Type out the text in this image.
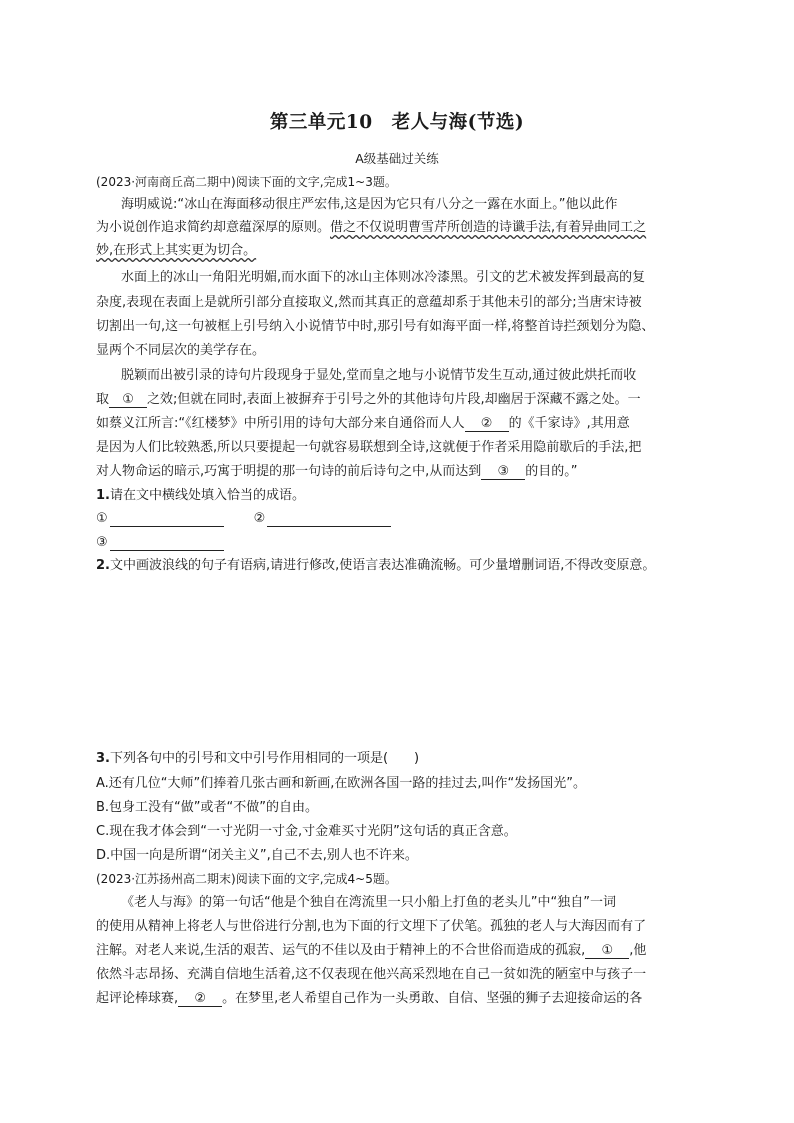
第三单元10　老人与海(节选)
A级基础过关练
(2023·河南商丘高二期中)阅读下面的文字,完成1~3题。
海明威说:“冰山在海面移动很庄严宏伟,这是因为它只有八分之一露在水面上。”他以此作
为小说创作追求简约却意蕴深厚的原则。借之不仅说明曹雪芹所创造的诗谶手法,有着异曲同工之
妙,在形式上其实更为切合。
水面上的冰山一角阳光明媚,而水面下的冰山主体则冰冷漆黑。引文的艺术被发挥到最高的复
杂度,表现在表面上是就所引部分直接取义,然而其真正的意蕴却系于其他未引的部分;当唐宋诗被
切割出一句,这一句被框上引号纳入小说情节中时,那引号有如海平面一样,将整首诗拦颈划分为隐、
显两个不同层次的美学存在。
脱颖而出被引录的诗句片段现身于显处,堂而皇之地与小说情节发生互动,通过彼此烘托而收
取 ① 之效;但就在同时,表面上被摒弃于引号之外的其他诗句片段,却幽居于深藏不露之处。一
如蔡义江所言:“《红楼梦》中所引用的诗句大部分来自通俗而人人 ② 的《千家诗》,其用意
是因为人们比较熟悉,所以只要提起一句就容易联想到全诗,这就便于作者采用隐前歇后的手法,把
对人物命运的暗示,巧寓于明提的那一句诗的前后诗句之中,从而达到 ③ 的目的。”
1.请在文中横线处填入恰当的成语。
①	②
③
2.文中画波浪线的句子有语病,请进行修改,使语言表达准确流畅。可少量增删词语,不得改变原意。
3.下列各句中的引号和文中引号作用相同的一项是(　　)
A.还有几位“大师”们捧着几张古画和新画,在欧洲各国一路的挂过去,叫作“发扬国光”。
B.包身工没有“做”或者“不做”的自由。
C.现在我才体会到“一寸光阴一寸金,寸金难买寸光阴”这句话的真正含意。
D.中国一向是所谓“闭关主义”,自己不去,别人也不许来。
(2023·江苏扬州高二期末)阅读下面的文字,完成4~5题。
《老人与海》的第一句话“他是个独自在湾流里一只小船上打鱼的老头儿”中“独自”一词
的使用从精神上将老人与世俗进行分割,也为下面的行文埋下了伏笔。孤独的老人与大海因而有了
注解。对老人来说,生活的艰苦、运气的不佳以及由于精神上的不合世俗而造成的孤寂, ① ,他
依然斗志昂扬、充满自信地生活着,这不仅表现在他兴高采烈地在自己一贫如洗的陋室中与孩子一
起评论棒球赛, ② 。在梦里,老人希望自己作为一头勇敢、自信、坚强的狮子去迎接命运的各
